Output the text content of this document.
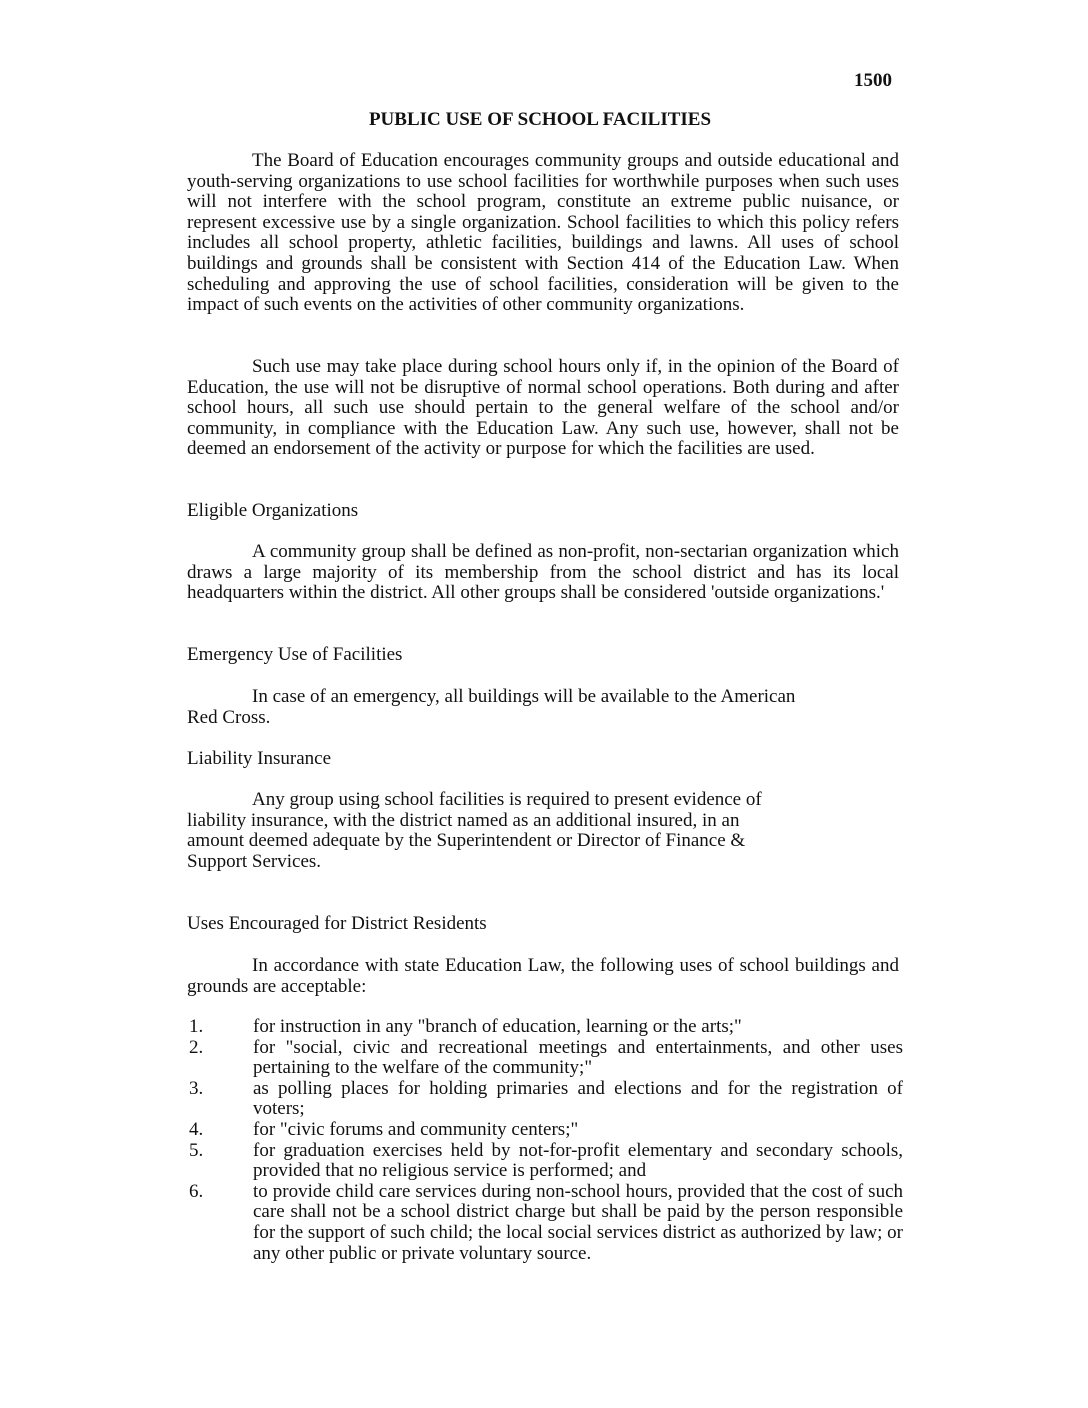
1500
PUBLIC USE OF SCHOOL FACILITIES

The Board of Education encourages community groups and outside educational and youth-serving organizations to use school facilities for worthwhile purposes when such uses will not interfere with the school program, constitute an extreme public nuisance, or represent excessive use by a single organization. School facilities to which this policy refers includes all school property, athletic facilities, buildings and lawns. All uses of school buildings and grounds shall be consistent with Section 414 of the Education Law. When scheduling and approving the use of school facilities, consideration will be given to the impact of such events on the activities of other community organizations.

Such use may take place during school hours only if, in the opinion of the Board of Education, the use will not be disruptive of normal school operations. Both during and after school hours, all such use should pertain to the general welfare of the school and/or community, in compliance with the Education Law. Any such use, however, shall not be deemed an endorsement of the activity or purpose for which the facilities are used.

Eligible Organizations

A community group shall be defined as non-profit, non-sectarian organization which draws a large majority of its membership from the school district and has its local headquarters within the district. All other groups shall be considered 'outside organizations.'

Emergency Use of Facilities

In case of an emergency, all buildings will be available to the American
Red Cross.

Liability Insurance

Any group using school facilities is required to present evidence of
liability insurance, with the district named as an additional insured, in an
amount deemed adequate by the Superintendent or Director of Finance &
Support Services.

Uses Encouraged for District Residents

In accordance with state Education Law, the following uses of school buildings and grounds are acceptable:

1.	for instruction in any "branch of education, learning or the arts;"
2.	for "social, civic and recreational meetings and entertainments, and other uses pertaining to the welfare of the community;"
3.	as polling places for holding primaries and elections and for the registration of voters;
4.	for "civic forums and community centers;"
5.	for graduation exercises held by not-for-profit elementary and secondary schools, provided that no religious service is performed; and
6.	to provide child care services during non-school hours, provided that the cost of such care shall not be a school district charge but shall be paid by the person responsible for the support of such child; the local social services district as authorized by law; or any other public or private voluntary source.
